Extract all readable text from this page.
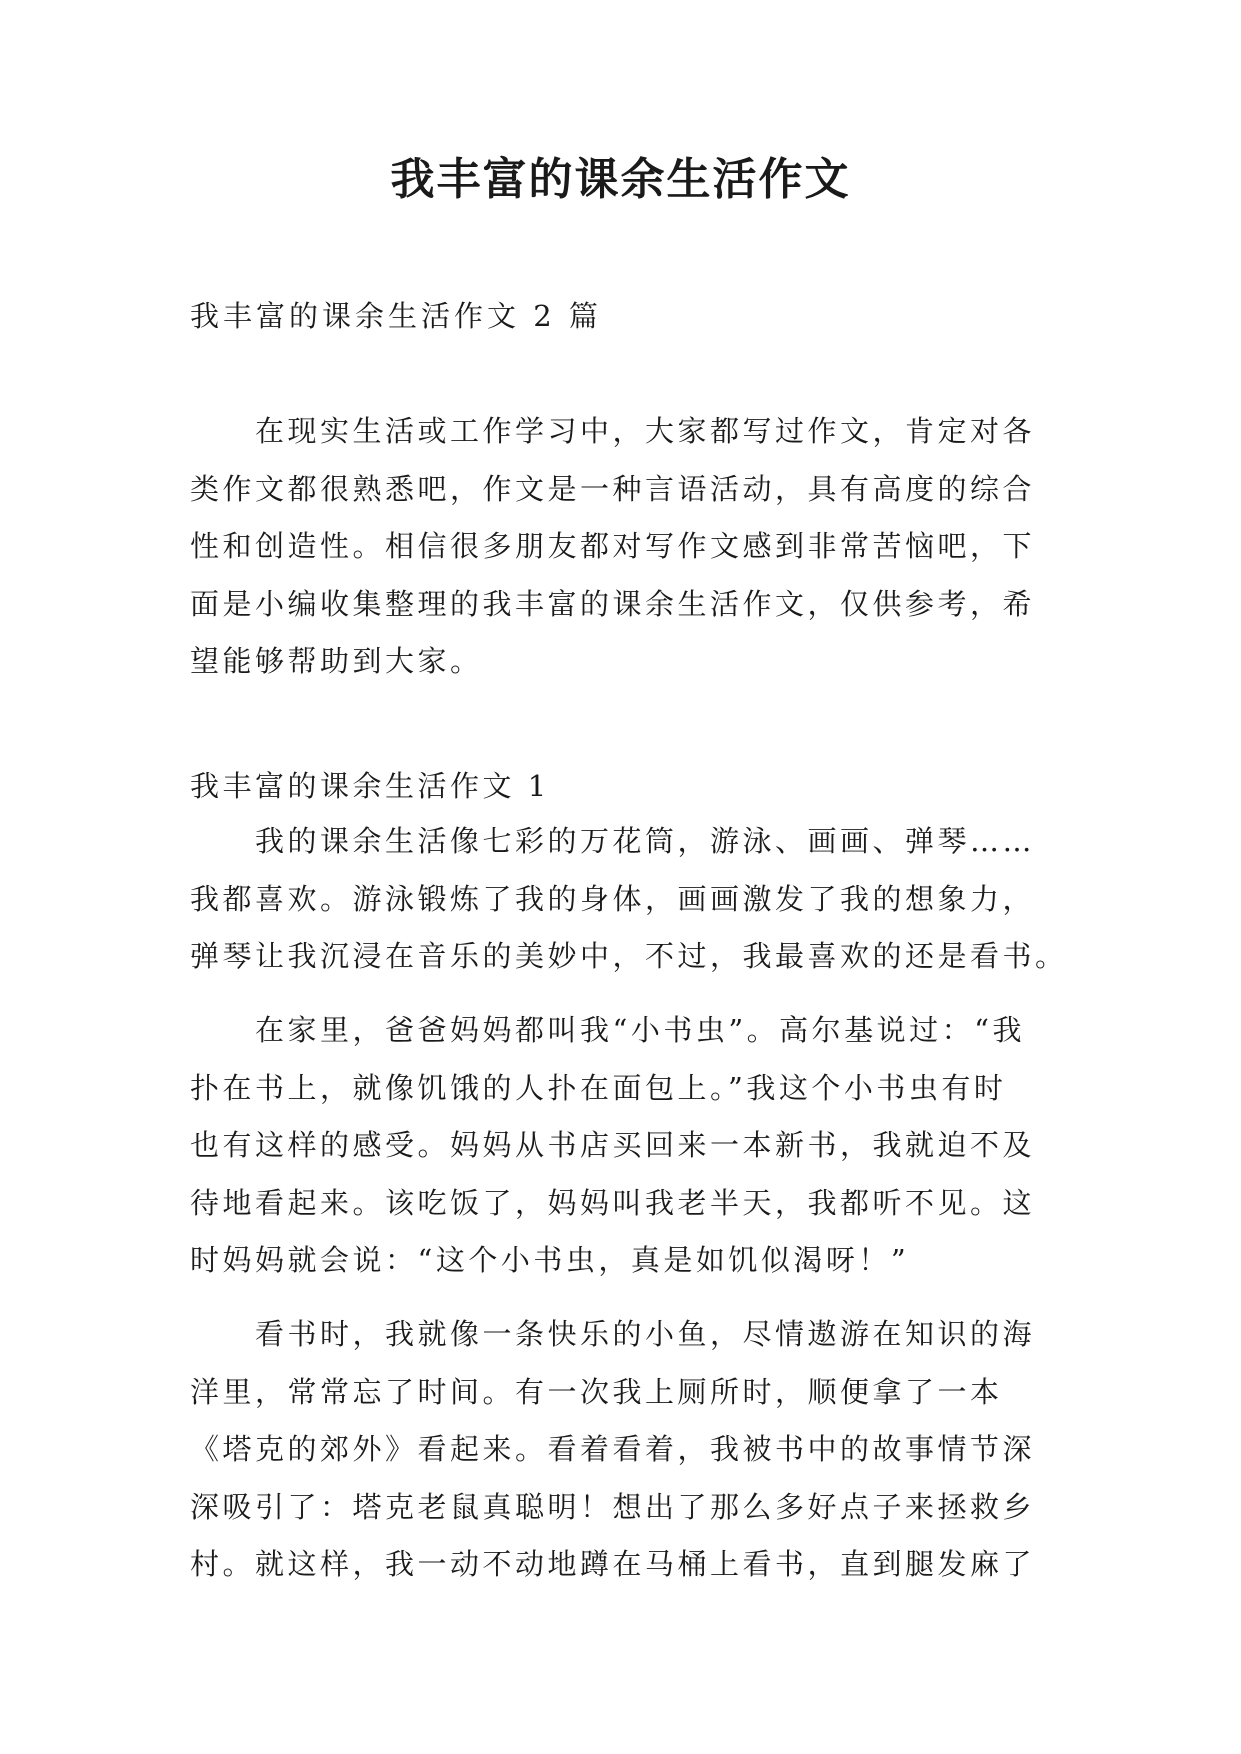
我丰富的课余生活作文
我丰富的课余生活作文 2 篇
在现实生活或工作学习中，大家都写过作文，肯定对各
类作文都很熟悉吧，作文是一种言语活动，具有高度的综合
性和创造性。相信很多朋友都对写作文感到非常苦恼吧，下
面是小编收集整理的我丰富的课余生活作文，仅供参考，希
望能够帮助到大家。
我丰富的课余生活作文 1
我的课余生活像七彩的万花筒，游泳、画画、弹琴……
我都喜欢。游泳锻炼了我的身体，画画激发了我的想象力，
弹琴让我沉浸在音乐的美妙中，不过，我最喜欢的还是看书。
在家里，爸爸妈妈都叫我“小书虫”。高尔基说过：“我
扑在书上，就像饥饿的人扑在面包上。”我这个小书虫有时
也有这样的感受。妈妈从书店买回来一本新书，我就迫不及
待地看起来。该吃饭了，妈妈叫我老半天，我都听不见。这
时妈妈就会说：“这个小书虫，真是如饥似渴呀！”
看书时，我就像一条快乐的小鱼，尽情遨游在知识的海
洋里，常常忘了时间。有一次我上厕所时，顺便拿了一本
《塔克的郊外》看起来。看着看着，我被书中的故事情节深
深吸引了：塔克老鼠真聪明！想出了那么多好点子来拯救乡
村。就这样，我一动不动地蹲在马桶上看书，直到腿发麻了
